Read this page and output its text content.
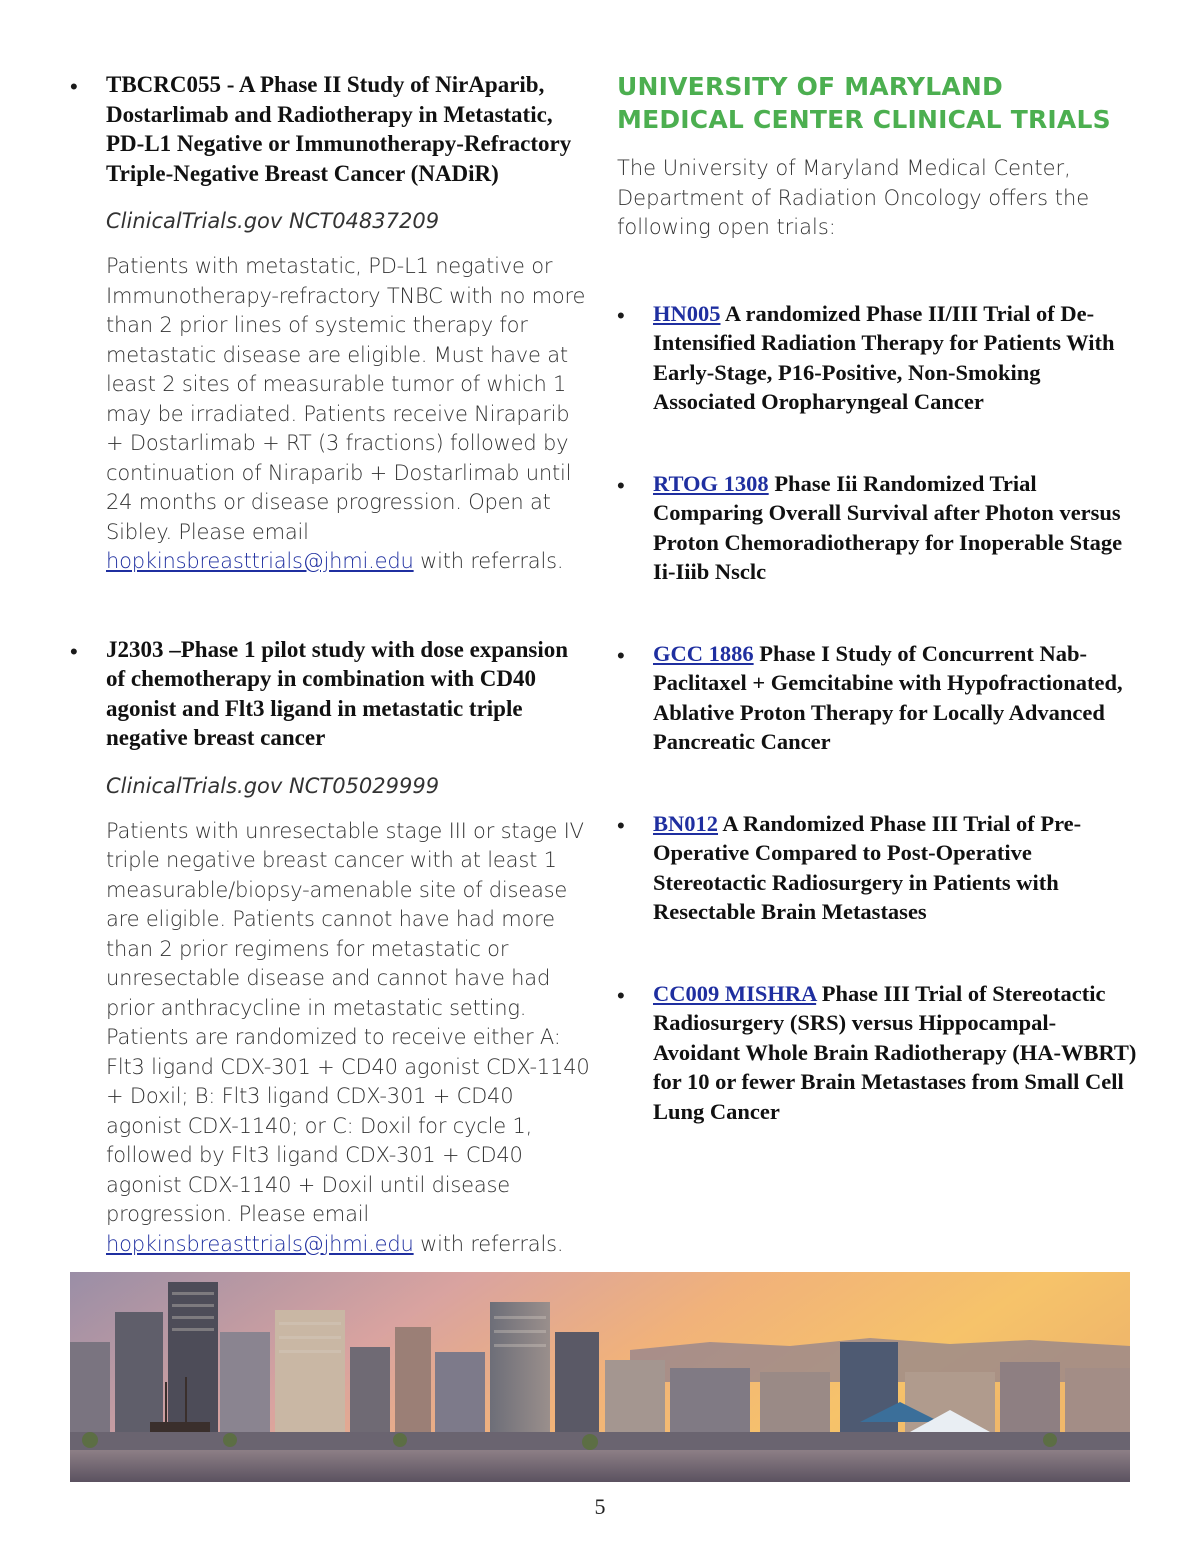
• TBCRC055 - A Phase II Study of NirAparib, Dostarlimab and Radiotherapy in Metastatic, PD-L1 Negative or Immunotherapy-Refractory Triple-Negative Breast Cancer (NADiR)
ClinicalTrials.gov NCT04837209
Patients with metastatic, PD-L1 negative or Immunotherapy-refractory TNBC with no more than 2 prior lines of systemic therapy for metastatic disease are eligible. Must have at least 2 sites of measurable tumor of which 1 may be irradiated. Patients receive Niraparib + Dostarlimab + RT (3 fractions) followed by continuation of Niraparib + Dostarlimab until 24 months or disease progression. Open at Sibley. Please email hopkinsbreasttrials@jhmi.edu with referrals.
• J2303 –Phase 1 pilot study with dose expansion of chemotherapy in combination with CD40 agonist and Flt3 ligand in metastatic triple negative breast cancer
ClinicalTrials.gov NCT05029999
Patients with unresectable stage III or stage IV triple negative breast cancer with at least 1 measurable/biopsy-amenable site of disease are eligible. Patients cannot have had more than 2 prior regimens for metastatic or unresectable disease and cannot have had prior anthracycline in metastatic setting. Patients are randomized to receive either A: Flt3 ligand CDX-301 + CD40 agonist CDX-1140 + Doxil; B: Flt3 ligand CDX-301 + CD40 agonist CDX-1140; or C: Doxil for cycle 1, followed by Flt3 ligand CDX-301 + CD40 agonist CDX-1140 + Doxil until disease progression. Please email hopkinsbreasttrials@jhmi.edu with referrals.
UNIVERSITY OF MARYLAND MEDICAL CENTER CLINICAL TRIALS
The University of Maryland Medical Center, Department of Radiation Oncology offers the following open trials:
• HN005 A randomized Phase II/III Trial of De-Intensified Radiation Therapy for Patients With Early-Stage, P16-Positive, Non-Smoking Associated Oropharyngeal Cancer
• RTOG 1308 Phase Iii Randomized Trial Comparing Overall Survival after Photon versus Proton Chemoradiotherapy for Inoperable Stage Ii-Iiib Nsclc
• GCC 1886 Phase I Study of Concurrent Nab-Paclitaxel + Gemcitabine with Hypofractionated, Ablative Proton Therapy for Locally Advanced Pancreatic Cancer
• BN012 A Randomized Phase III Trial of Pre-Operative Compared to Post-Operative Stereotactic Radiosurgery in Patients with Resectable Brain Metastases
• CC009 MISHRA Phase III Trial of Stereotactic Radiosurgery (SRS) versus Hippocampal-Avoidant Whole Brain Radiotherapy (HA-WBRT) for 10 or fewer Brain Metastases from Small Cell Lung Cancer
5
